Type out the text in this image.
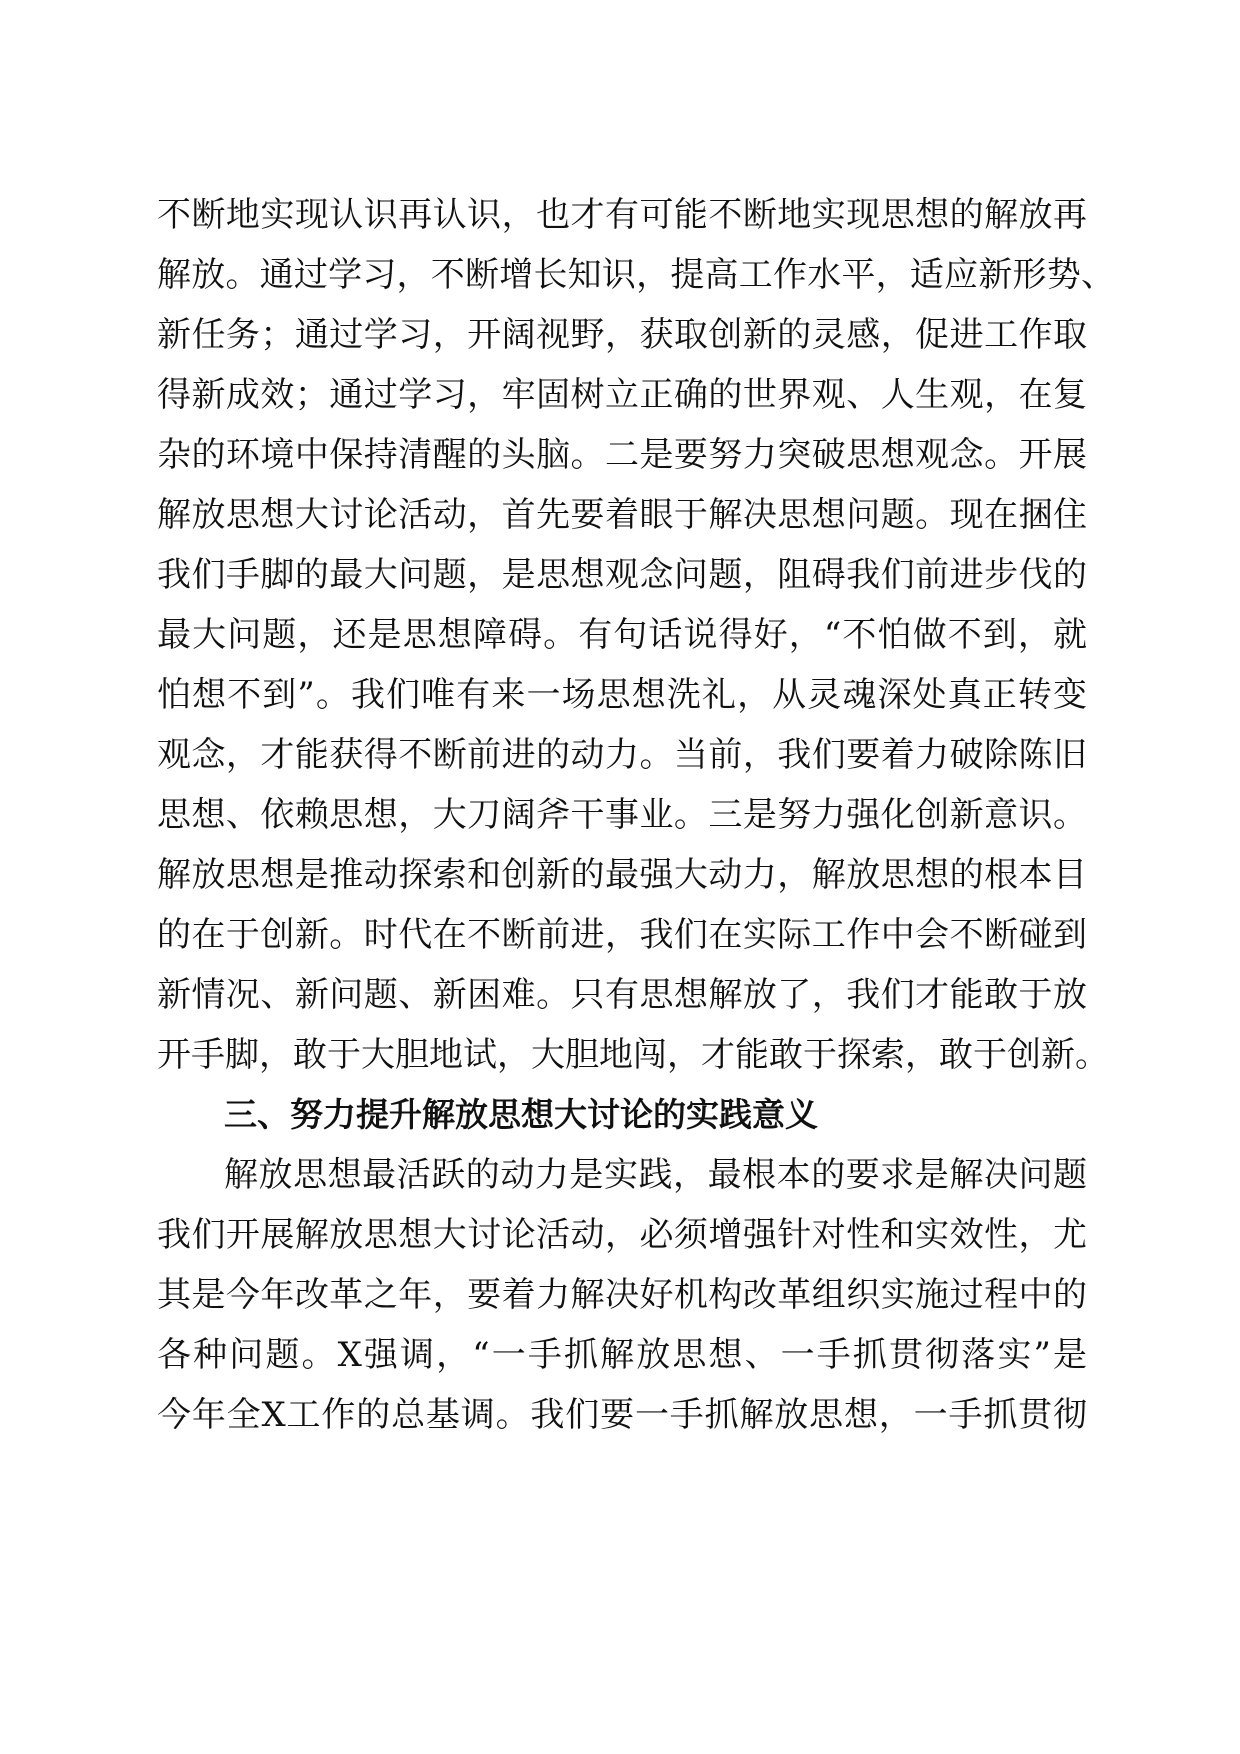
不断地实现认识再认识，也才有可能不断地实现思想的解放再
解放。通过学习，不断增长知识，提高工作水平，适应新形势、
新任务；通过学习，开阔视野，获取创新的灵感，促进工作取
得新成效；通过学习，牢固树立正确的世界观、人生观，在复
杂的环境中保持清醒的头脑。二是要努力突破思想观念。开展
解放思想大讨论活动，首先要着眼于解决思想问题。现在捆住
我们手脚的最大问题，是思想观念问题，阻碍我们前进步伐的
最大问题，还是思想障碍。有句话说得好，“不怕做不到，就
怕想不到”。我们唯有来一场思想洗礼，从灵魂深处真正转变
观念，才能获得不断前进的动力。当前，我们要着力破除陈旧
思想、依赖思想，大刀阔斧干事业。三是努力强化创新意识。
解放思想是推动探索和创新的最强大动力，解放思想的根本目
的在于创新。时代在不断前进，我们在实际工作中会不断碰到
新情况、新问题、新困难。只有思想解放了，我们才能敢于放
开手脚，敢于大胆地试，大胆地闯，才能敢于探索，敢于创新。
三、努力提升解放思想大讨论的实践意义
解放思想最活跃的动力是实践，最根本的要求是解决问题
我们开展解放思想大讨论活动，必须增强针对性和实效性，尤
其是今年改革之年，要着力解决好机构改革组织实施过程中的
各种问题。X强调，“一手抓解放思想、一手抓贯彻落实”是
今年全X工作的总基调。我们要一手抓解放思想，一手抓贯彻
